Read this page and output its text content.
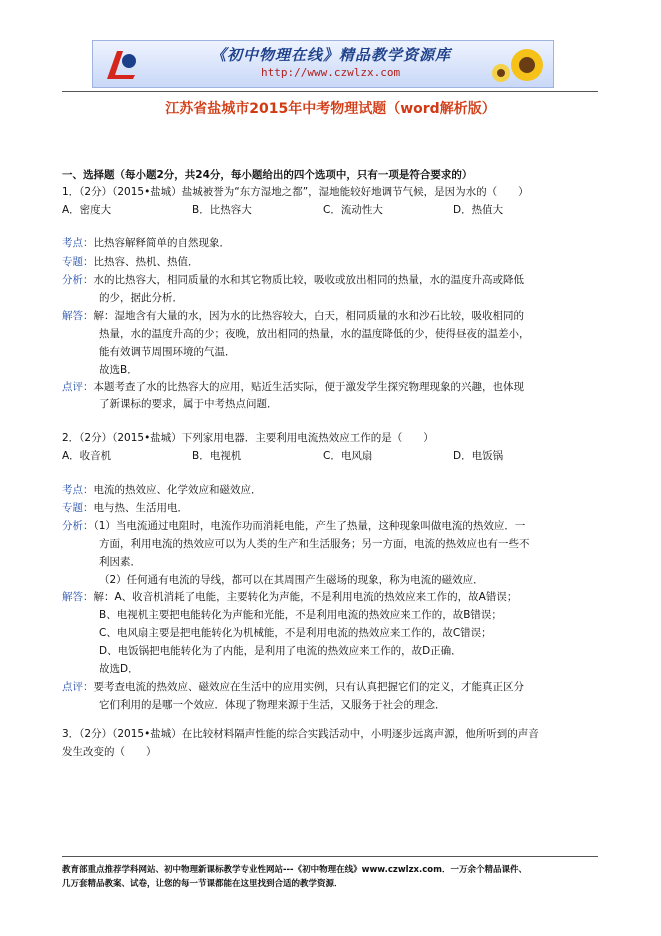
《初中物理在线》精品教学资源库
http://www.czwlzx.com
江苏省盐城市2015年中考物理试题（word解析版）
一、选择题（每小题2分，共24分，每小题给出的四个选项中，只有一项是符合要求的）
1．（2分）（2015•盐城）盐城被誉为“东方湿地之都”，湿地能较好地调节气候，是因为水的（　　）
A．密度大	B．比热容大	C．流动性大	D．热值大
考点：比热容解释简单的自然现象．
专题：比热容、热机、热值．
分析：水的比热容大，相同质量的水和其它物质比较，吸收或放出相同的热量，水的温度升高或降低
的少，据此分析．
解答：解：湿地含有大量的水，因为水的比热容较大，白天，相同质量的水和沙石比较，吸收相同的
热量，水的温度升高的少；夜晚，放出相同的热量，水的温度降低的少，使得昼夜的温差小，
能有效调节周围环境的气温．
故选B．
点评：本题考查了水的比热容大的应用，贴近生活实际，便于激发学生探究物理现象的兴趣，也体现
了新课标的要求，属于中考热点问题．
2．（2分）（2015•盐城）下列家用电器．主要利用电流热效应工作的是（　　）
A．收音机	B．电视机	C．电风扇	D．电饭锅
考点：电流的热效应、化学效应和磁效应．
专题：电与热、生活用电．
分析：（1）当电流通过电阻时，电流作功而消耗电能，产生了热量，这种现象叫做电流的热效应．一
方面，利用电流的热效应可以为人类的生产和生活服务；另一方面，电流的热效应也有一些不
利因素．
（2）任何通有电流的导线，都可以在其周围产生磁场的现象，称为电流的磁效应．
解答：解：A、收音机消耗了电能，主要转化为声能，不是利用电流的热效应来工作的，故A错误；
B、电视机主要把电能转化为声能和光能，不是利用电流的热效应来工作的，故B错误；
C、电风扇主要是把电能转化为机械能，不是利用电流的热效应来工作的，故C错误；
D、电饭锅把电能转化为了内能，是利用了电流的热效应来工作的，故D正确．
故选D．
点评：要考查电流的热效应、磁效应在生活中的应用实例，只有认真把握它们的定义，才能真正区分
它们利用的是哪一个效应．体现了物理来源于生活，又服务于社会的理念．
3．（2分）（2015•盐城）在比较材料隔声性能的综合实践活动中，小明逐步远离声源，他所听到的声音
发生改变的（　　）
教育部重点推荐学科网站、初中物理新课标教学专业性网站---《初中物理在线》www.czwlzx.com．一万余个精品课件、
几万套精品教案、试卷，让您的每一节课都能在这里找到合适的教学资源．
